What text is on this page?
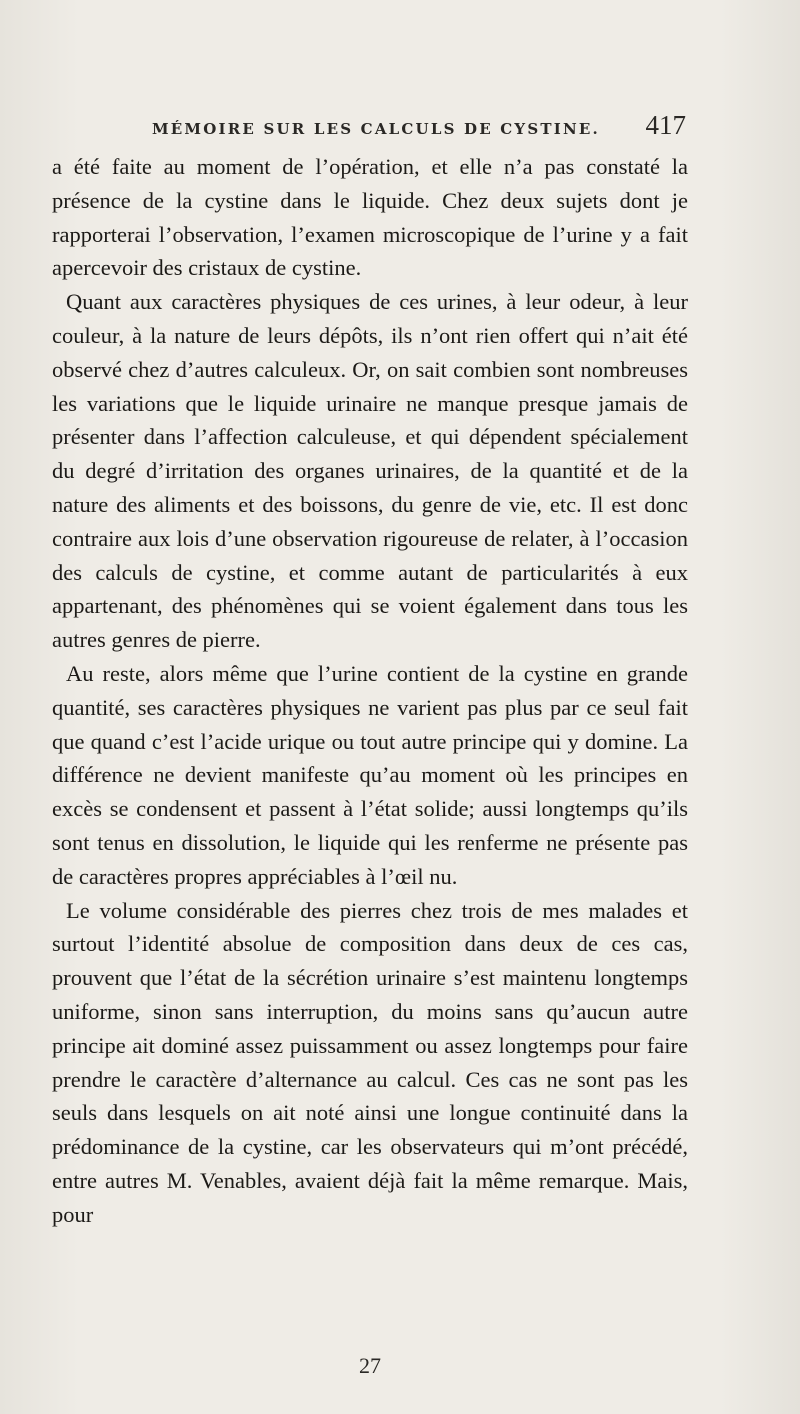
MÉMOIRE SUR LES CALCULS DE CYSTINE. 417

a été faite au moment de l’opération, et elle n’a pas constaté la présence de la cystine dans le liquide. Chez deux sujets dont je rapporterai l’observation, l’examen microscopique de l’urine y a fait apercevoir des cristaux de cystine.

Quant aux caractères physiques de ces urines, à leur odeur, à leur couleur, à la nature de leurs dépôts, ils n’ont rien offert qui n’ait été observé chez d’autres calculeux. Or, on sait combien sont nombreuses les variations que le liquide urinaire ne manque presque jamais de présenter dans l’affection calculeuse, et qui dépendent spécialement du degré d’irritation des organes urinaires, de la quantité et de la nature des aliments et des boissons, du genre de vie, etc. Il est donc contraire aux lois d’une observation rigoureuse de relater, à l’occasion des calculs de cystine, et comme autant de particularités à eux appartenant, des phénomènes qui se voient également dans tous les autres genres de pierre.

Au reste, alors même que l’urine contient de la cystine en grande quantité, ses caractères physiques ne varient pas plus par ce seul fait que quand c’est l’acide urique ou tout autre principe qui y domine. La différence ne devient manifeste qu’au moment où les principes en excès se condensent et passent à l’état solide; aussi longtemps qu’ils sont tenus en dissolution, le liquide qui les renferme ne présente pas de caractères propres appréciables à l’œil nu.

Le volume considérable des pierres chez trois de mes malades et surtout l’identité absolue de composition dans deux de ces cas, prouvent que l’état de la sécrétion urinaire s’est maintenu longtemps uniforme, sinon sans interruption, du moins sans qu’aucun autre principe ait dominé assez puissamment ou assez longtemps pour faire prendre le caractère d’alternance au calcul. Ces cas ne sont pas les seuls dans lesquels on ait noté ainsi une longue continuité dans la prédominance de la cystine, car les observateurs qui m’ont précédé, entre autres M. Venables, avaient déjà fait la même remarque. Mais, pour

27
